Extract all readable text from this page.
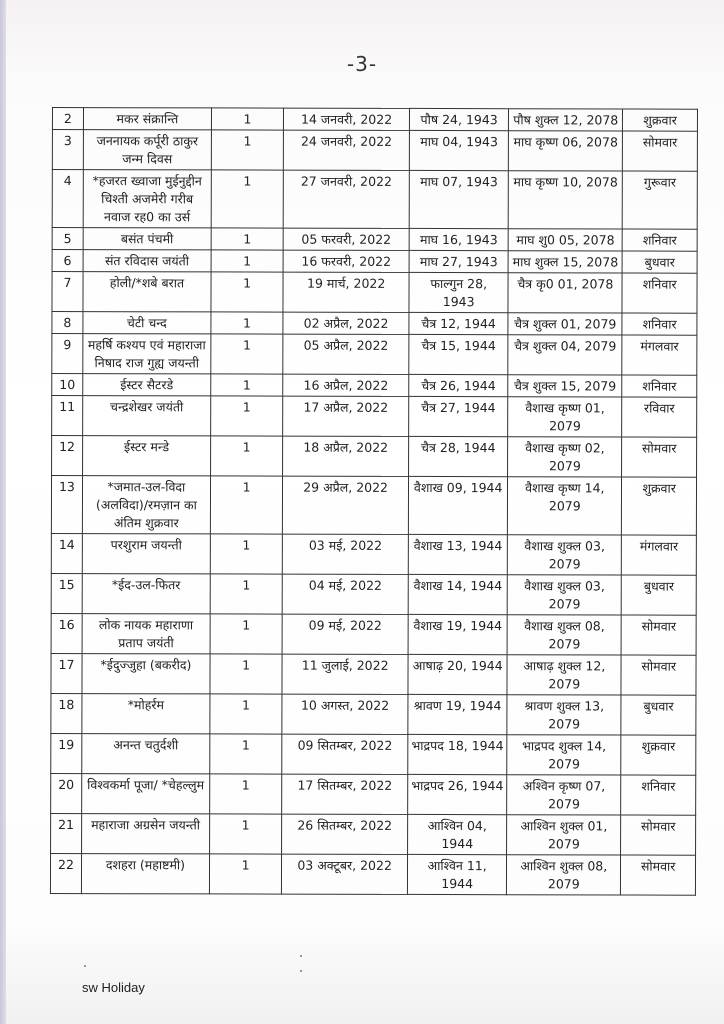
-3-
2	मकर संक्रान्ति	1	14 जनवरी, 2022	पौष 24, 1943	पौष शुक्ल 12, 2078	शुक्रवार
3	जननायक कर्पूरी ठाकुर जन्म दिवस	1	24 जनवरी, 2022	माघ 04, 1943	माघ कृष्ण 06, 2078	सोमवार
4	*हजरत ख्वाजा मुईनुद्दीन चिश्ती अजमेरी गरीब नवाज रह0 का उर्स	1	27 जनवरी, 2022	माघ 07, 1943	माघ कृष्ण 10, 2078	गुरूवार
5	बसंत पंचमी	1	05 फरवरी, 2022	माघ 16, 1943	माघ शु0 05, 2078	शनिवार
6	संत रविदास जयंती	1	16 फरवरी, 2022	माघ 27, 1943	माघ शुक्ल 15, 2078	बुधवार
7	होली/*शबे बरात	1	19 मार्च, 2022	फाल्गुन 28, 1943	चैत्र कृ0 01, 2078	शनिवार
8	चेटी चन्द	1	02 अप्रैल, 2022	चैत्र 12, 1944	चैत्र शुक्ल 01, 2079	शनिवार
9	महर्षि कश्यप एवं महाराजा निषाद राज गुह्य जयन्ती	1	05 अप्रैल, 2022	चैत्र 15, 1944	चैत्र शुक्ल 04, 2079	मंगलवार
10	ईस्टर सैटरडे	1	16 अप्रैल, 2022	चैत्र 26, 1944	चैत्र शुक्ल 15, 2079	शनिवार
11	चन्द्रशेखर जयंती	1	17 अप्रैल, 2022	चैत्र 27, 1944	वैशाख कृष्ण 01, 2079	रविवार
12	ईस्टर मन्डे	1	18 अप्रैल, 2022	चैत्र 28, 1944	वैशाख कृष्ण 02, 2079	सोमवार
13	*जमात-उल-विदा (अलविदा)/रमज़ान का अंतिम शुक्रवार	1	29 अप्रैल, 2022	वैशाख 09, 1944	वैशाख कृष्ण 14, 2079	शुक्रवार
14	परशुराम जयन्ती	1	03 मई, 2022	वैशाख 13, 1944	वैशाख शुक्ल 03, 2079	मंगलवार
15	*ईद-उल-फितर	1	04 मई, 2022	वैशाख 14, 1944	वैशाख शुक्ल 03, 2079	बुधवार
16	लोक नायक महाराणा प्रताप जयंती	1	09 मई, 2022	वैशाख 19, 1944	वैशाख शुक्ल 08, 2079	सोमवार
17	*ईदुज्जुहा (बकरीद)	1	11 जुलाई, 2022	आषाढ़ 20, 1944	आषाढ़ शुक्ल 12, 2079	सोमवार
18	*मोहर्रम	1	10 अगस्त, 2022	श्रावण 19, 1944	श्रावण शुक्ल 13, 2079	बुधवार
19	अनन्त चतुर्दशी	1	09 सितम्बर, 2022	भाद्रपद 18, 1944	भाद्रपद शुक्ल 14, 2079	शुक्रवार
20	विश्वकर्मा पूजा/ *चेहल्लुम	1	17 सितम्बर, 2022	भाद्रपद 26, 1944	अश्विन कृष्ण 07, 2079	शनिवार
21	महाराजा अग्रसेन जयन्ती	1	26 सितम्बर, 2022	आश्विन 04, 1944	आश्विन शुक्ल 01, 2079	सोमवार
22	दशहरा (महाष्टमी)	1	03 अक्टूबर, 2022	आश्विन 11, 1944	आश्विन शुक्ल 08, 2079	सोमवार
sw Holiday
